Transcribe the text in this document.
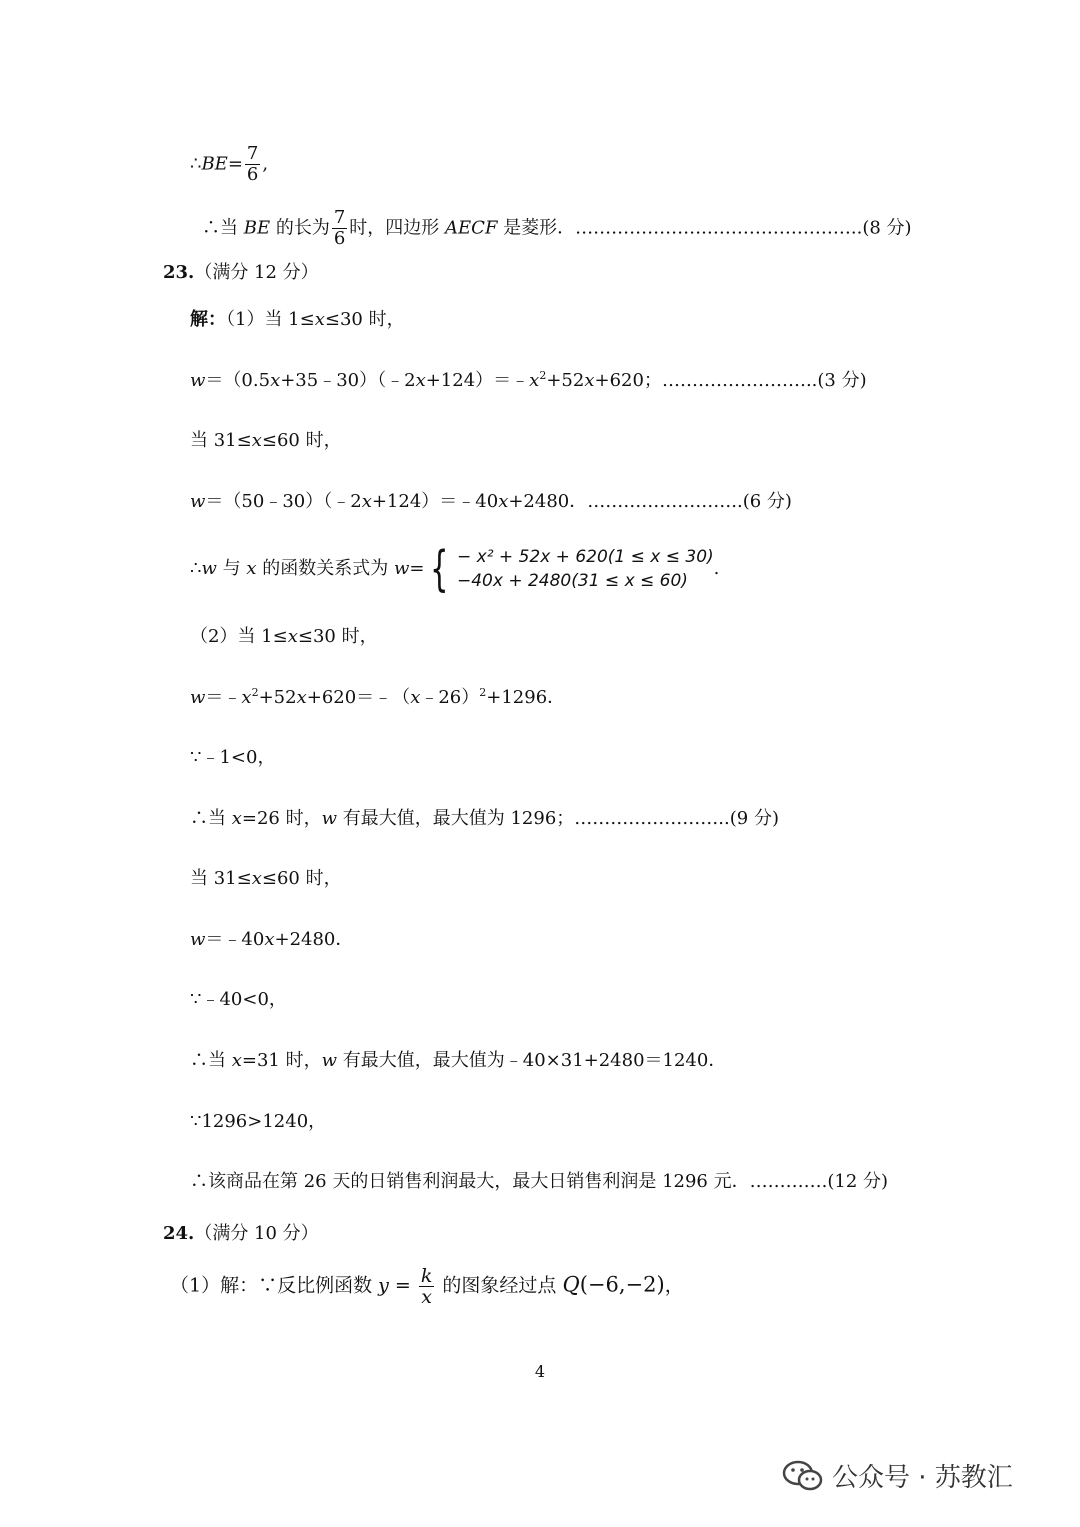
∴BE= $\frac{7}{6}$ ,
∴当 BE 的长为 $\frac{7}{6}$ 时，四边形 AECF 是菱形．………………….……………………..(8 分)
23.（满分 12 分）
解：（1）当 1≤x≤30 时，
$w=(0.5x+35﹣30)(﹣2x+124)=﹣x^2+52x+620$；……………………..(3 分)
当 31≤x≤60 时，
w＝（50﹣30）（﹣2x+124）＝﹣40x+2480．……………………..(6 分)
∴w 与 x 的函数关系式为 w= { − x² + 52x + 620(1 ≤ x ≤ 30)
−40x + 2480(31 ≤ x ≤ 60)
.
（2）当 1≤x≤30 时，
$w=﹣x^2+52x+620=﹣(x﹣26)^2+1296$．
∵﹣1<0，
∴当 x=26 时，w 有最大值，最大值为 1296；……………………..(9 分)
当 31≤x≤60 时，
w＝﹣40x+2480．
∵﹣40<0，
∴当 x=31 时，w 有最大值，最大值为﹣40×31+2480＝1240．
∵1296>1240，
∴该商品在第 26 天的日销售利润最大，最大日销售利润是 1296 元．………….(12 分)
24.（满分 10 分）
（1）解：∵反比例函数 $y = \frac{k}{x}$ 的图象经过点 Q(−6,−2)，
4
公众号 · 苏教汇
